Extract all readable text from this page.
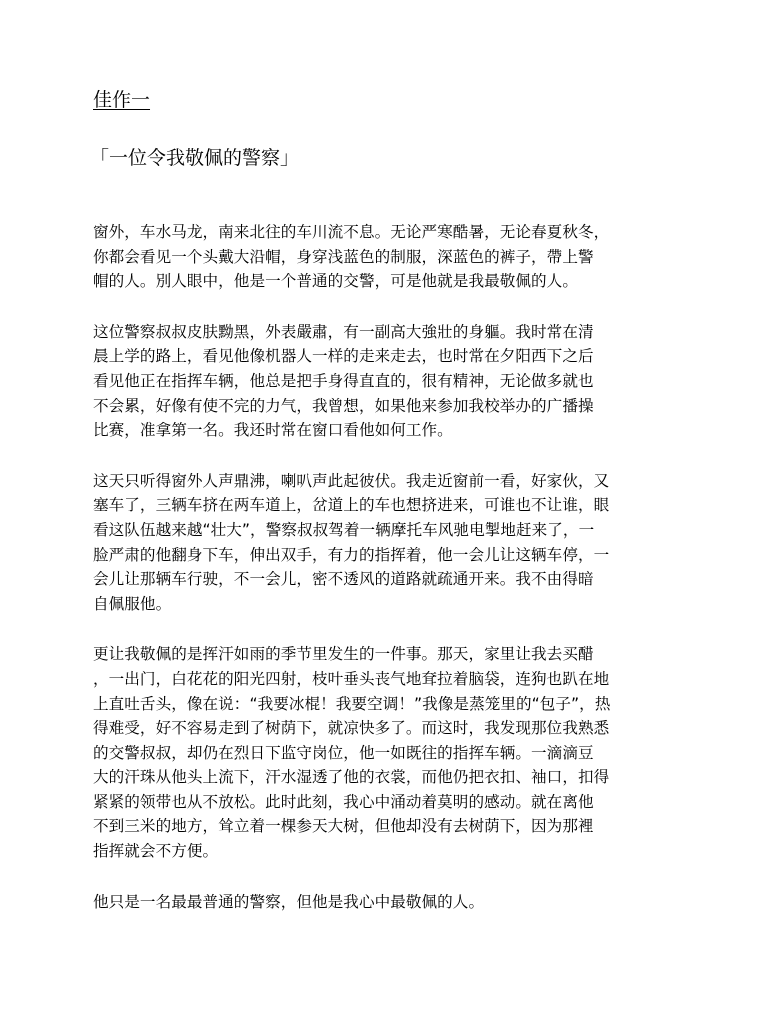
佳作一
「一位令我敬佩的警察」

窗外，车水马龙，南来北往的车川流不息。无论严寒酷暑，无论春夏秋冬，
你都会看见一个头戴大沿帽，身穿浅蓝色的制服，深蓝色的裤子，帶上警
帽的人。別人眼中，他是一个普通的交警，可是他就是我最敬佩的人。

这位警察叔叔皮肤黝黑，外表嚴肅，有一副高大強壯的身軀。我时常在清
晨上学的路上，看见他像机器人一样的走来走去，也时常在夕阳西下之后
看见他正在指挥车辆，他总是把手身得直直的，很有精神，无论做多就也
不会累，好像有使不完的力气，我曾想，如果他来参加我校举办的广播操
比赛，准拿第一名。我还时常在窗口看他如何工作。

这天只听得窗外人声鼎沸，喇叭声此起彼伏。我走近窗前一看，好家伙，又
塞车了，三辆车挤在两车道上，岔道上的车也想挤进来，可谁也不让谁，眼
看这队伍越来越“壮大”，警察叔叔驾着一辆摩托车风驰电掣地赶来了，一
脸严肃的他翻身下车，伸出双手，有力的指挥着，他一会儿让这辆车停，一
会儿让那辆车行驶，不一会儿，密不透风的道路就疏通开来。我不由得暗
自佩服他。

更让我敬佩的是挥汗如雨的季节里发生的一件事。那天，家里让我去买醋
，一出门，白花花的阳光四射，枝叶垂头丧气地耷拉着脑袋，连狗也趴在地
上直吐舌头，像在说：“我要冰棍！我要空调！”我像是蒸笼里的“包子”，热
得难受，好不容易走到了树荫下，就凉快多了。而这时，我发现那位我熟悉
的交警叔叔，却仍在烈日下监守岗位，他一如既往的指挥车辆。一滴滴豆
大的汗珠从他头上流下，汗水湿透了他的衣裳，而他仍把衣扣、袖口，扣得
紧紧的领带也从不放松。此时此刻，我心中涌动着莫明的感动。就在离他
不到三米的地方，耸立着一棵参天大树，但他却没有去树荫下，因为那裡
指挥就会不方便。

他只是一名最最普通的警察，但他是我心中最敬佩的人。
